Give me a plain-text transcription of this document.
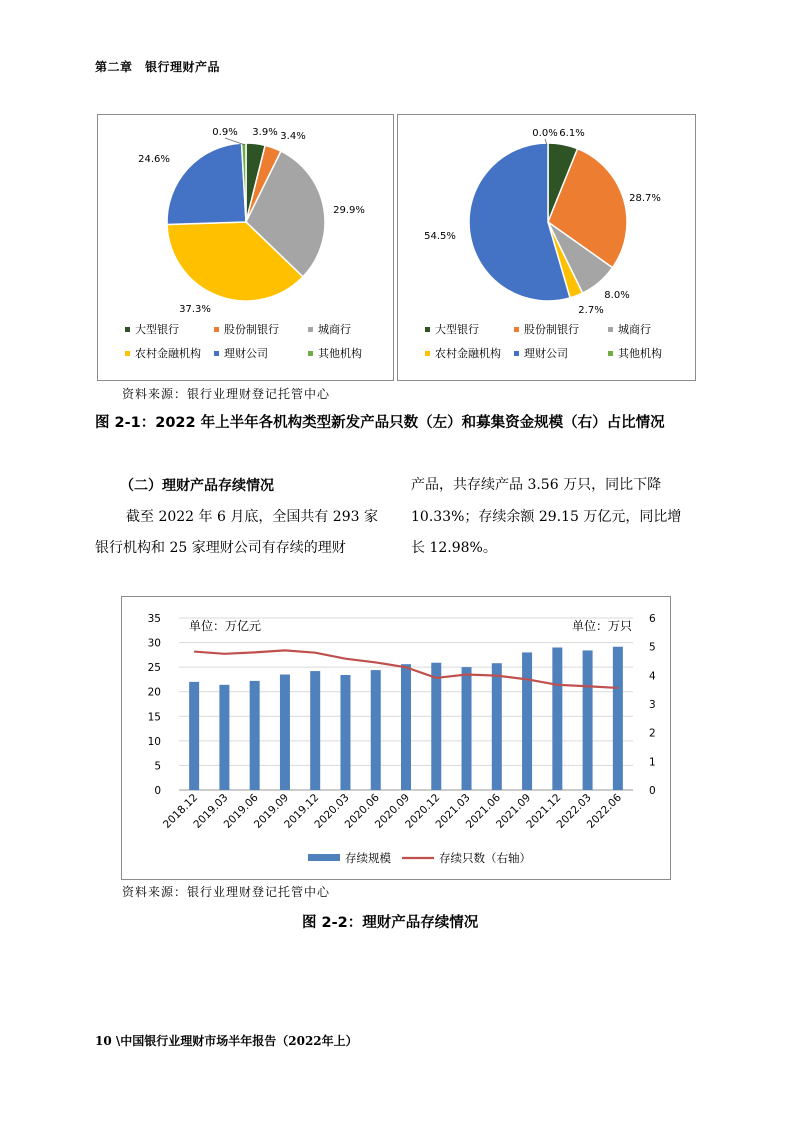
第二章　银行理财产品
3.9% 3.4%
29.9%
37.3%
24.6%
0.9%
大型银行	股份制银行	城商行
农村金融机构 理财公司	其他机构
6.1%
28.7%
8.0%
2.7%
54.5%
0.0%
大型银行	股份制银行	城商行
农村金融机构 理财公司	其他机构
资料来源：银行业理财登记托管中心
图 2-1：2022 年上半年各机构类型新发产品只数（左）和募集资金规模（右）占比情况
（二）理财产品存续情况
截至 2022 年 6 月底，全国共有 293 家
银行机构和 25 家理财公司有存续的理财
产品，共存续产品 3.56 万只，同比下降
10.33%；存续余额 29.15 万亿元，同比增
长 12.98%。
0
5
10
15
20
25
30
35
0
1
2
3
4
5
6
单位：万亿元	单位：万只
2018.12
2019.03
2019.06
2019.09
2019.12
2020.03
2020.06
2020.09
2020.12
2021.03
2021.06
2021.09
2021.12
2022.03
2022.06
存续规模	存续只数（右轴）
资料来源：银行业理财登记托管中心
图 2-2：理财产品存续情况
10 \中国银行业理财市场半年报告（2022年上）
